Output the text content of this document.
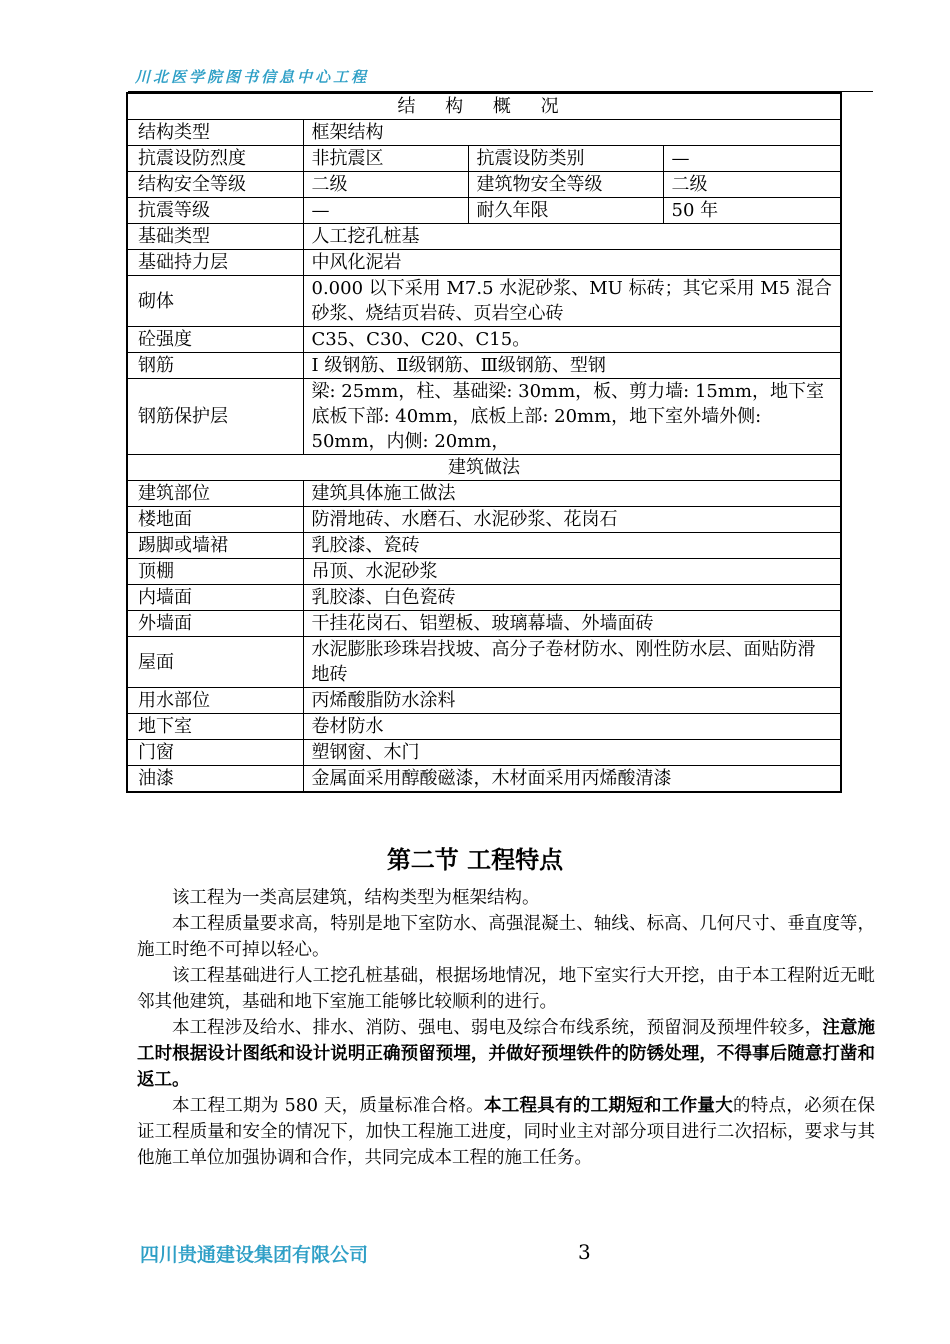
川北医学院图书信息中心工程
结 构 概 况			
结构类型	框架结构		
抗震设防烈度	非抗震区	抗震设防类别	—
结构安全等级	二级	建筑物安全等级	二级
抗震等级	—	耐久年限	50 年
基础类型	人工挖孔桩基		
基础持力层	中风化泥岩		
砌体	0.000 以下采用 M7.5 水泥砂浆、MU 标砖；其它采用 M5 混合砂浆、烧结页岩砖、页岩空心砖		
砼强度	C35、C30、C20、C15。		
钢筋	Ⅰ 级钢筋、Ⅱ级钢筋、Ⅲ级钢筋、型钢		
钢筋保护层	梁: 25mm，柱、基础梁: 30mm，板、剪力墙: 15mm，地下室底板下部: 40mm，底板上部: 20mm，地下室外墙外侧: 50mm，内侧: 20mm，		
建筑做法			
建筑部位	建筑具体施工做法		
楼地面	防滑地砖、水磨石、水泥砂浆、花岗石		
踢脚或墙裙	乳胶漆、瓷砖		
顶棚	吊顶、水泥砂浆		
内墙面	乳胶漆、白色瓷砖		
外墙面	干挂花岗石、铝塑板、玻璃幕墙、外墙面砖		
屋面	水泥膨胀珍珠岩找坡、高分子卷材防水、刚性防水层、面贴防滑地砖		
用水部位	丙烯酸脂防水涂料		
地下室	卷材防水		
门窗	塑钢窗、木门		
油漆	金属面采用醇酸磁漆，木材面采用丙烯酸清漆		
第二节 工程特点

该工程为一类高层建筑，结构类型为框架结构。

本工程质量要求高，特别是地下室防水、高强混凝土、轴线、标高、几何尺寸、垂直度等，施工时绝不可掉以轻心。

该工程基础进行人工挖孔桩基础，根据场地情况，地下室实行大开挖，由于本工程附近无毗邻其他建筑，基础和地下室施工能够比较顺利的进行。

本工程涉及给水、排水、消防、强电、弱电及综合布线系统，预留洞及预埋件较多，注意施工时根据设计图纸和设计说明正确预留预埋，并做好预埋铁件的防锈处理，不得事后随意打凿和返工。

本工程工期为 580 天，质量标准合格。本工程具有的工期短和工作量大的特点，必须在保证工程质量和安全的情况下，加快工程施工进度，同时业主对部分项目进行二次招标，要求与其他施工单位加强协调和合作，共同完成本工程的施工任务。

四川贵通建设集团有限公司	3
